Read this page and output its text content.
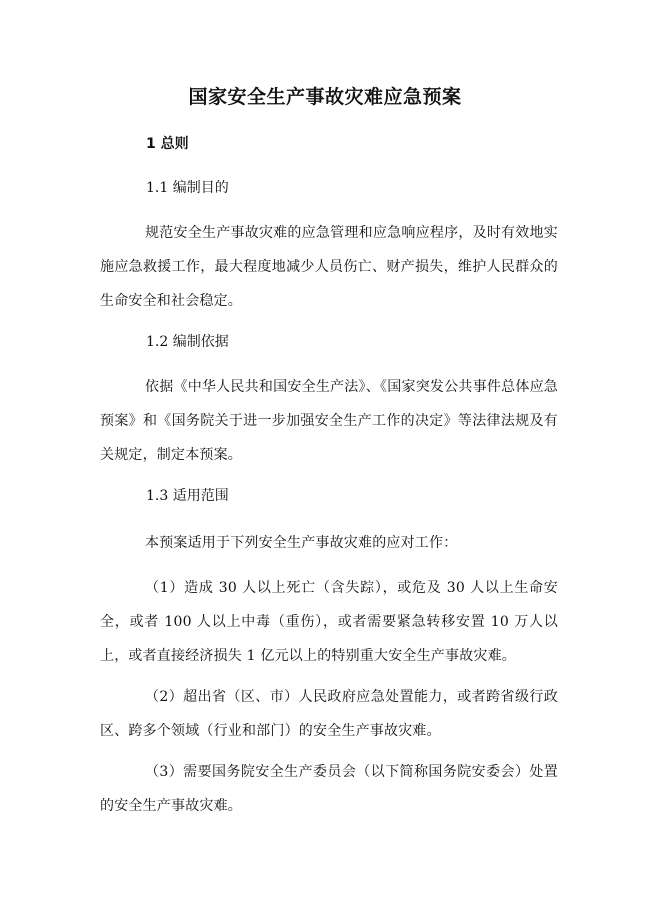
国家安全生产事故灾难应急预案
1 总则
1.1 编制目的
规范安全生产事故灾难的应急管理和应急响应程序，及时有效地实施应急救援工作，最大程度地减少人员伤亡、财产损失，维护人民群众的生命安全和社会稳定。
1.2 编制依据
依据《中华人民共和国安全生产法》、《国家突发公共事件总体应急预案》和《国务院关于进一步加强安全生产工作的决定》等法律法规及有关规定，制定本预案。
1.3 适用范围
本预案适用于下列安全生产事故灾难的应对工作：
（1）造成 30 人以上死亡（含失踪），或危及 30 人以上生命安全，或者 100 人以上中毒（重伤），或者需要紧急转移安置 10 万人以上，或者直接经济损失 1 亿元以上的特别重大安全生产事故灾难。
（2）超出省（区、市）人民政府应急处置能力，或者跨省级行政区、跨多个领域（行业和部门）的安全生产事故灾难。
（3）需要国务院安全生产委员会（以下简称国务院安委会）处置的安全生产事故灾难。
